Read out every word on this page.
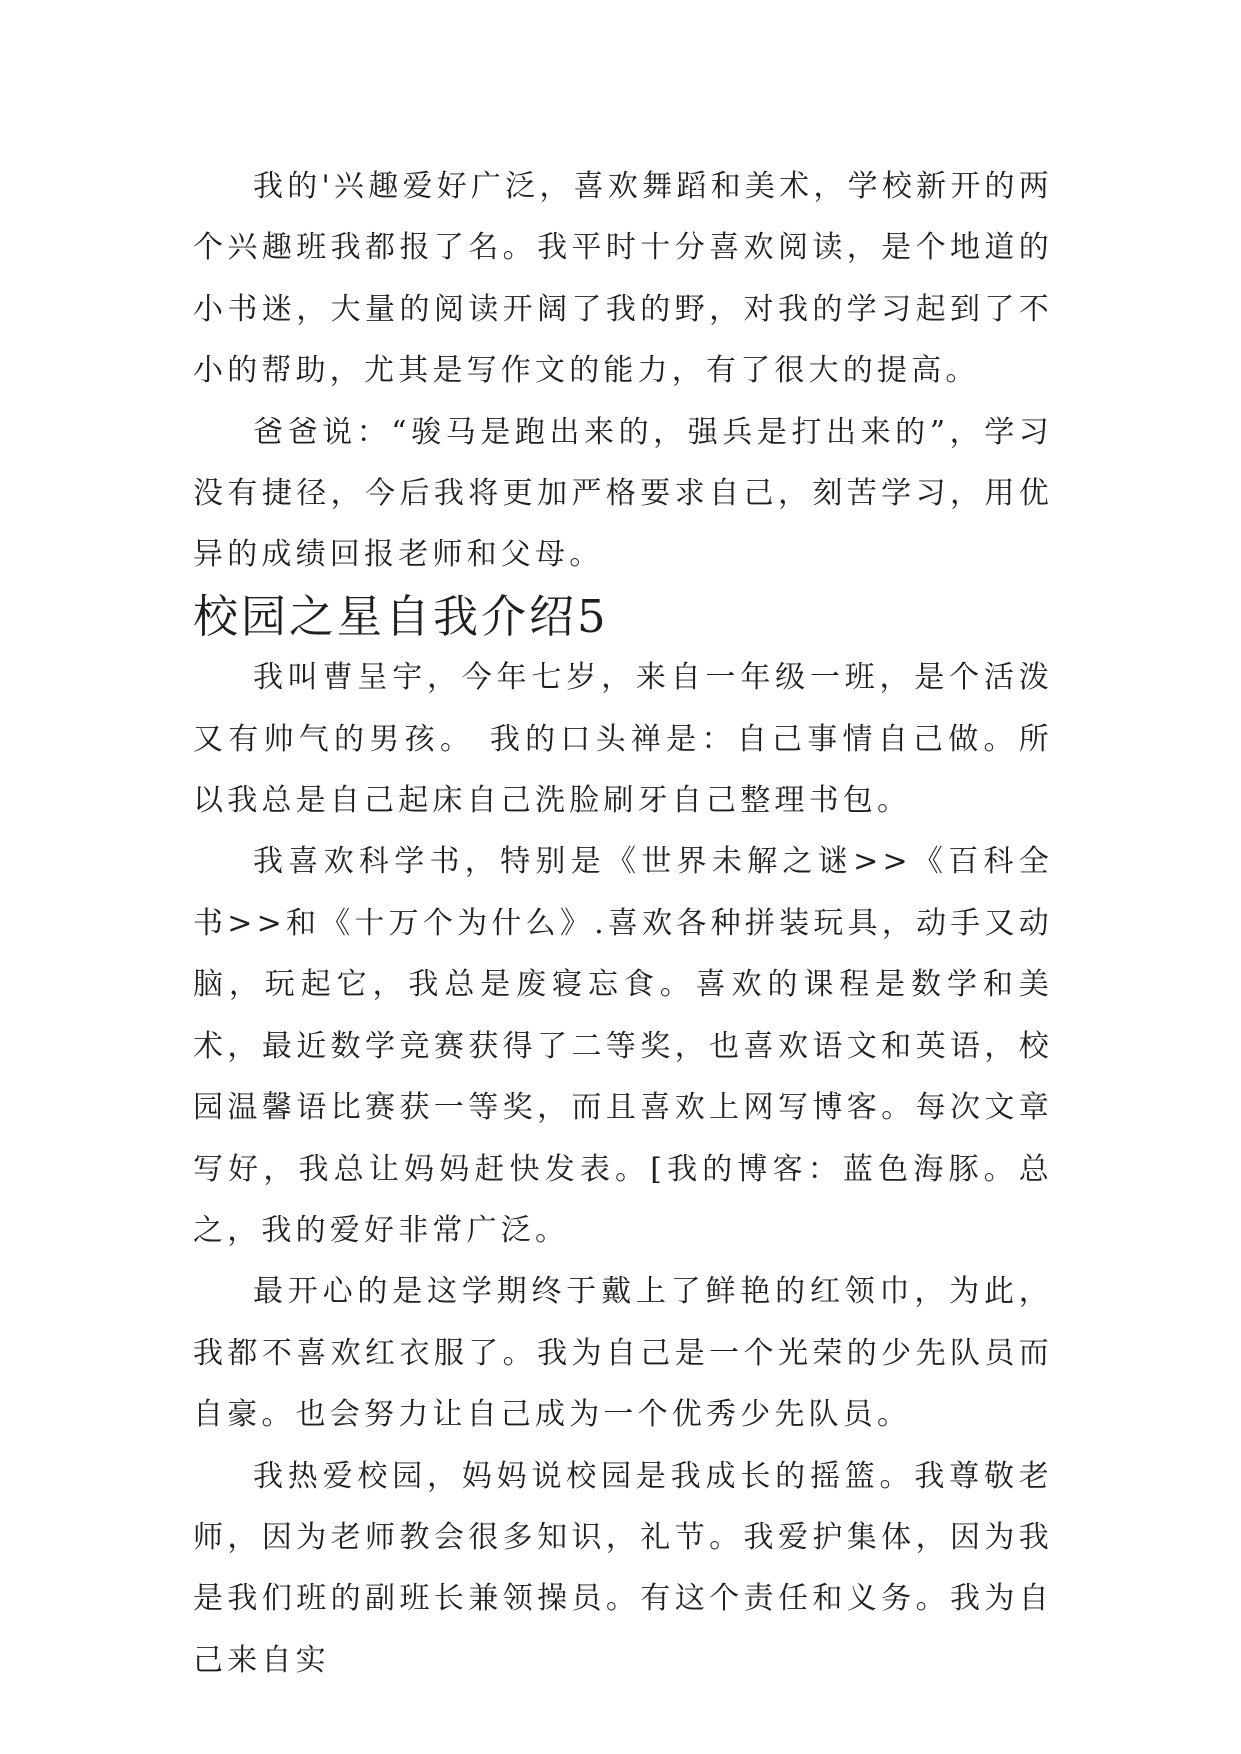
我的'兴趣爱好广泛，喜欢舞蹈和美术，学校新开的两个兴趣班我都报了名。我平时十分喜欢阅读，是个地道的小书迷，大量的阅读开阔了我的野，对我的学习起到了不小的帮助，尤其是写作文的能力，有了很大的提高。

爸爸说：“骏马是跑出来的，强兵是打出来的”，学习没有捷径，今后我将更加严格要求自己，刻苦学习，用优异的成绩回报老师和父母。

校园之星自我介绍5

我叫曹呈宇，今年七岁，来自一年级一班，是个活泼又有帅气的男孩。 我的口头禅是：自己事情自己做。所以我总是自己起床自己洗脸刷牙自己整理书包。

我喜欢科学书，特别是《世界未解之谜>>《百科全书>>和《十万个为什么》.喜欢各种拼装玩具，动手又动脑，玩起它，我总是废寝忘食。喜欢的课程是数学和美术，最近数学竞赛获得了二等奖，也喜欢语文和英语，校园温馨语比赛获一等奖，而且喜欢上网写博客。每次文章写好，我总让妈妈赶快发表。[我的博客：蓝色海豚。总之，我的爱好非常广泛。

最开心的是这学期终于戴上了鲜艳的红领巾，为此，我都不喜欢红衣服了。我为自己是一个光荣的少先队员而自豪。也会努力让自己成为一个优秀少先队员。

我热爱校园，妈妈说校园是我成长的摇篮。我尊敬老师，因为老师教会很多知识，礼节。我爱护集体，因为我是我们班的副班长兼领操员。有这个责任和义务。我为自己来自实
